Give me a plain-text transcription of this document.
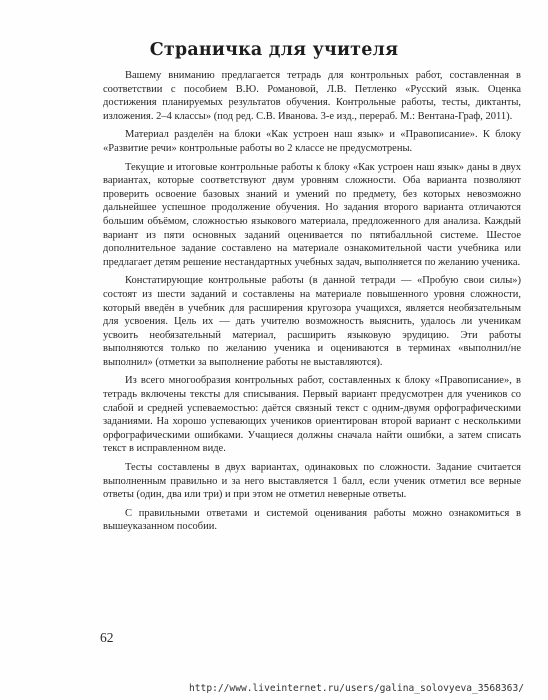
Страничка для учителя

Вашему вниманию предлагается тетрадь для контрольных работ, составленная в соответствии с пособием В.Ю. Романовой, Л.В. Петленко «Русский язык. Оценка достижения планируемых результатов обучения. Контрольные работы, тесты, диктанты, изложения. 2–4 классы» (под ред. С.В. Иванова. 3-е изд., перераб. М.: Вентана-Граф, 2011).

Материал разделён на блоки «Как устроен наш язык» и «Правописание». К блоку «Развитие речи» контрольные работы во 2 классе не предусмотрены.

Текущие и итоговые контрольные работы к блоку «Как устроен наш язык» даны в двух вариантах, которые соответствуют двум уровням сложности. Оба варианта позволяют проверить освоение базовых знаний и умений по предмету, без которых невозможно дальнейшее успешное продолжение обучения. Но задания второго варианта отличаются большим объёмом, сложностью языкового материала, предложенного для анализа. Каждый вариант из пяти основных заданий оценивается по пятибалльной системе. Шестое дополнительное задание составлено на материале ознакомительной части учебника или предлагает детям решение нестандартных учебных задач, выполняется по желанию ученика.

Констатирующие контрольные работы (в данной тетради — «Пробую свои силы») состоят из шести заданий и составлены на материале повышенного уровня сложности, который введён в учебник для расширения кругозора учащихся, является необязательным для усвоения. Цель их — дать учителю возможность выяснить, удалось ли ученикам усвоить необязательный материал, расширить языковую эрудицию. Эти работы выполняются только по желанию ученика и оцениваются в терминах «выполнил/не выполнил» (отметки за выполнение работы не выставляются).

Из всего многообразия контрольных работ, составленных к блоку «Правописание», в тетрадь включены тексты для списывания. Первый вариант предусмотрен для учеников со слабой и средней успеваемостью: даётся связный текст с одним-двумя орфографическими заданиями. На хорошо успевающих учеников ориентирован второй вариант с несколькими орфографическими ошибками. Учащиеся должны сначала найти ошибки, а затем списать текст в исправленном виде.

Тесты составлены в двух вариантах, одинаковых по сложности. Задание считается выполненным правильно и за него выставляется 1 балл, если ученик отметил все верные ответы (один, два или три) и при этом не отметил неверные ответы.

С правильными ответами и системой оценивания работы можно ознакомиться в вышеуказанном пособии.

62
http://www.liveinternet.ru/users/galina_solovyeva_3568363/
